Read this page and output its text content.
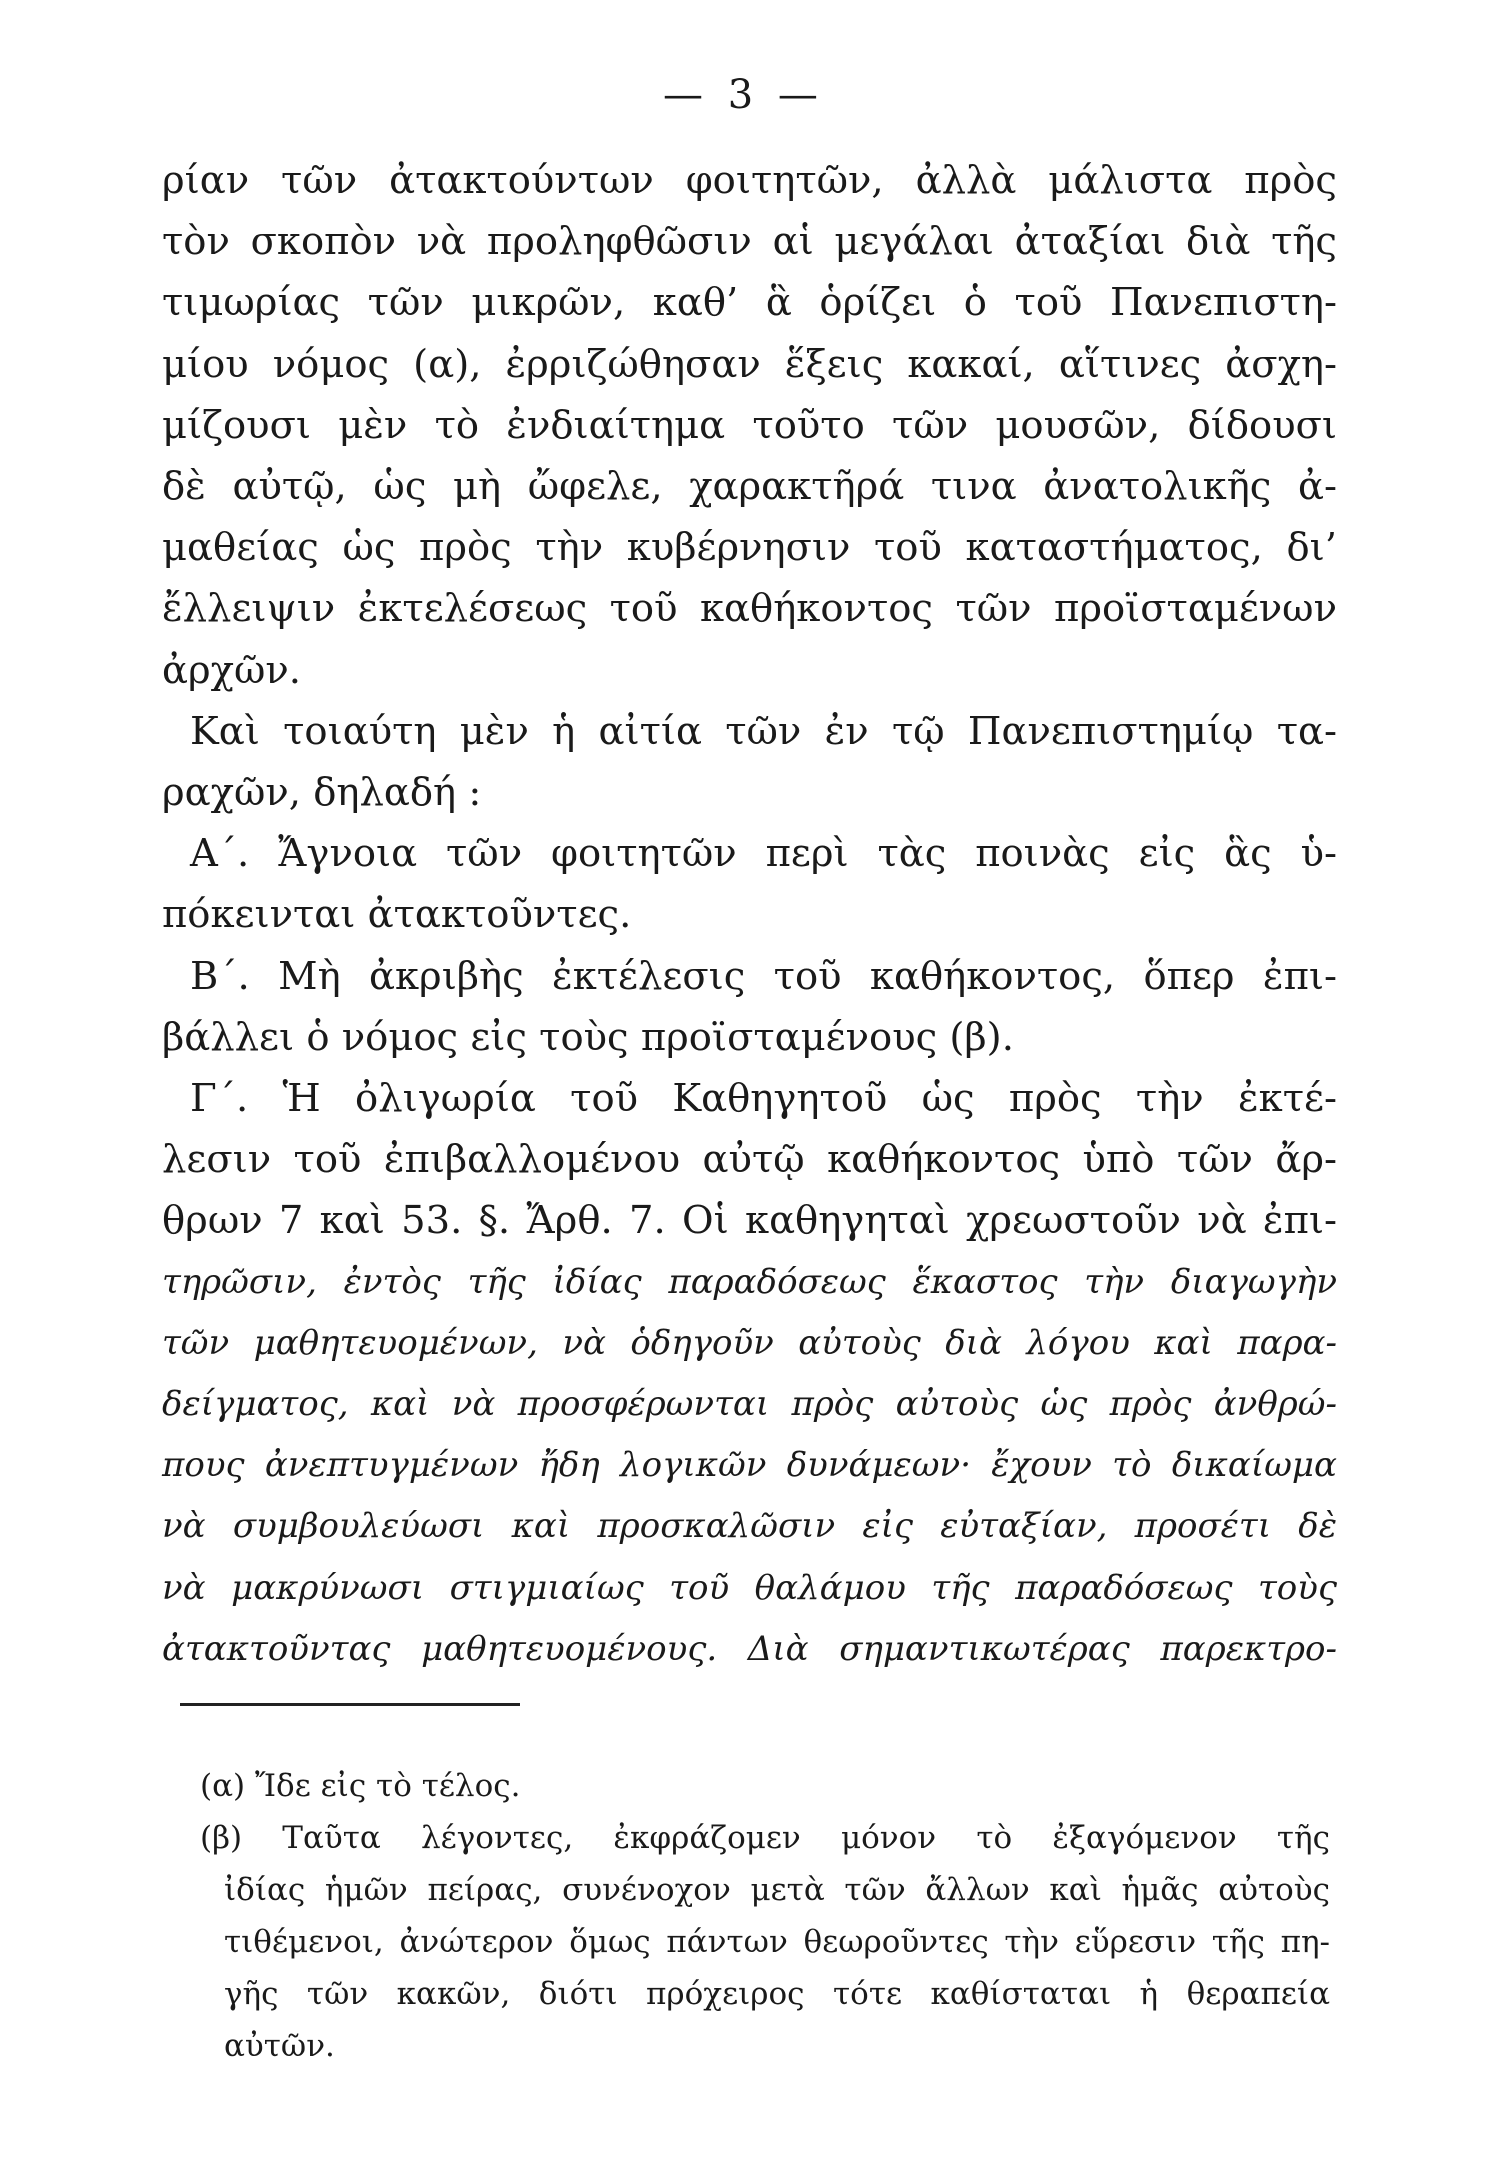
— 3 —
ρίαν τῶν ἀτακτούντων φοιτητῶν, ἀλλὰ μάλιστα πρὸς
τὸν σκοπὸν νὰ προληφθῶσιν αἱ μεγάλαι ἀταξίαι διὰ τῆς
τιμωρίας τῶν μικρῶν, καθ’ ἃ ὁρίζει ὁ τοῦ Πανεπιστη-
μίου νόμος (α), ἐρριζώθησαν ἕξεις κακαί, αἵτινες ἀσχη-
μίζουσι μὲν τὸ ἐνδιαίτημα τοῦτο τῶν μουσῶν, δίδουσι
δὲ αὐτῷ, ὡς μὴ ὤφελε, χαρακτῆρά τινα ἀνατολικῆς ἀ-
μαθείας ὡς πρὸς τὴν κυβέρνησιν τοῦ καταστήματος, δι’
ἔλλειψιν ἐκτελέσεως τοῦ καθήκοντος τῶν προϊσταμένων
ἀρχῶν.
Καὶ τοιαύτη μὲν ἡ αἰτία τῶν ἐν τῷ Πανεπιστημίῳ τα-
ραχῶν, δηλαδή :
Α΄. Ἄγνοια τῶν φοιτητῶν περὶ τὰς ποινὰς εἰς ἃς ὑ-
πόκεινται ἀτακτοῦντες.
Β΄. Μὴ ἀκριβὴς ἐκτέλεσις τοῦ καθήκοντος, ὅπερ ἐπι-
βάλλει ὁ νόμος εἰς τοὺς προϊσταμένους (β).
Γ΄. Ἡ ὀλιγωρία τοῦ Καθηγητοῦ ὡς πρὸς τὴν ἐκτέ-
λεσιν τοῦ ἐπιβαλλομένου αὐτῷ καθήκοντος ὑπὸ τῶν ἄρ-
θρων 7 καὶ 53. §. Ἄρθ. 7. Οἱ καθηγηταὶ χρεωστοῦν νὰ ἐπι-
τηρῶσιν, ἐντὸς τῆς ἰδίας παραδόσεως ἕκαστος τὴν διαγωγὴν
τῶν μαθητευομένων, νὰ ὁδηγοῦν αὐτοὺς διὰ λόγου καὶ παρα-
δείγματος, καὶ νὰ προσφέρωνται πρὸς αὐτοὺς ὡς πρὸς ἀνθρώ-
πους ἀνεπτυγμένων ἤδη λογικῶν δυνάμεων· ἔχουν τὸ δικαίωμα
νὰ συμβουλεύωσι καὶ προσκαλῶσιν εἰς εὐταξίαν, προσέτι δὲ
νὰ μακρύνωσι στιγμιαίως τοῦ θαλάμου τῆς παραδόσεως τοὺς
ἀτακτοῦντας μαθητευομένους. Διὰ σημαντικωτέρας παρεκτρο-
(α) Ἴδε εἰς τὸ τέλος.
(β) Ταῦτα λέγοντες, ἐκφράζομεν μόνον τὸ ἐξαγόμενον τῆς
ἰδίας ἡμῶν πείρας, συνένοχον μετὰ τῶν ἄλλων καὶ ἡμᾶς αὐτοὺς
τιθέμενοι, ἀνώτερον ὅμως πάντων θεωροῦντες τὴν εὕρεσιν τῆς πη-
γῆς τῶν κακῶν, διότι πρόχειρος τότε καθίσταται ἡ θεραπεία
αὐτῶν.
